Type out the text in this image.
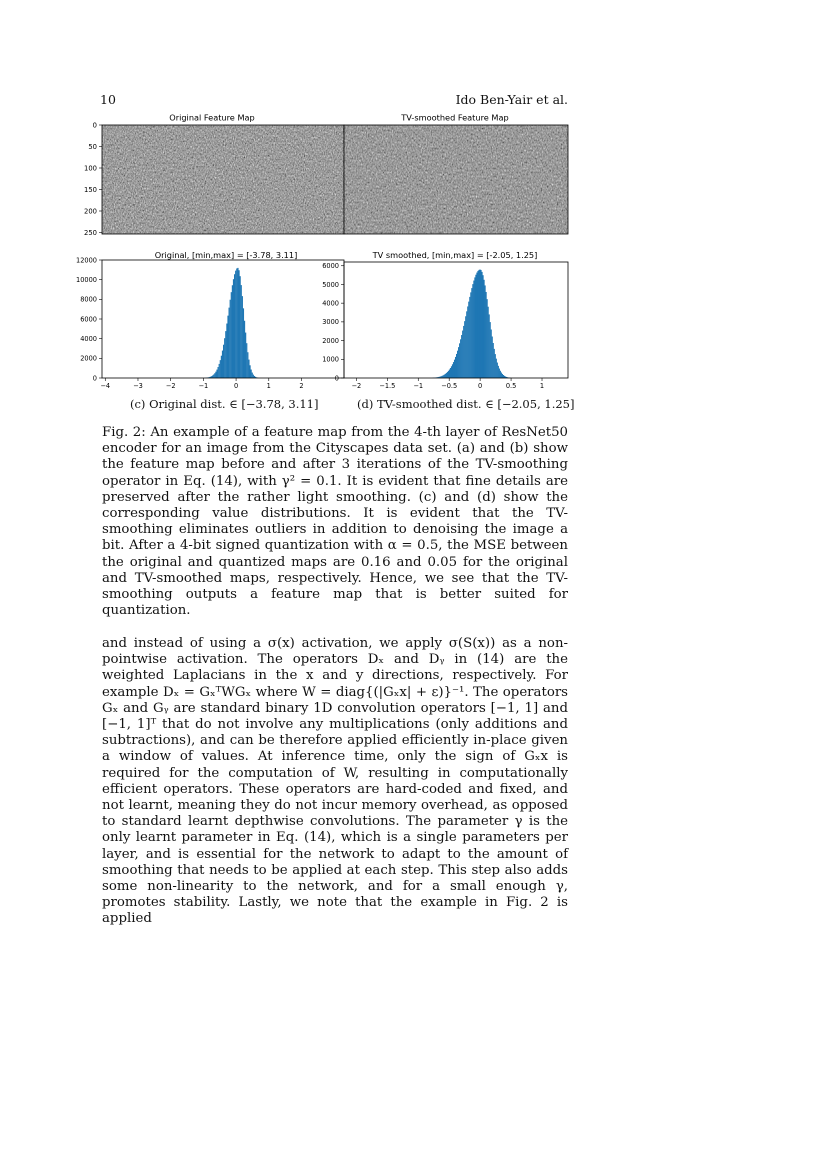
10	Ido Ben-Yair et al.
Original Feature Map
0
50
100
150
200
250
TV-smoothed Feature Map
Original, [min,max] = [-3.78, 3.11]
−4	−3	−2	−1	0	1	2
0
2000
4000
6000
8000
10000
12000
TV smoothed, [min,max] = [-2.05, 1.25]
−2	−1.5	−1	−0.5	0	0.5	1
0
1000
2000
3000
4000
5000
6000
(c) Original dist. ∈ [−3.78, 3.11]	(d) TV-smoothed dist. ∈ [−2.05, 1.25]

Fig. 2: An example of a feature map from the 4-th layer of ResNet50 encoder for an image from the Cityscapes data set. (a) and (b) show the feature map before and after 3 iterations of the TV-smoothing operator in Eq. (14), with γ² = 0.1. It is evident that fine details are preserved after the rather light smoothing. (c) and (d) show the corresponding value distributions. It is evident that the TV-smoothing eliminates outliers in addition to denoising the image a bit. After a 4-bit signed quantization with α = 0.5, the MSE between the original and quantized maps are 0.16 and 0.05 for the original and TV-smoothed maps, respectively. Hence, we see that the TV-smoothing outputs a feature map that is better suited for quantization.

and instead of using a σ(x) activation, we apply σ(S(x)) as a non-pointwise activation. The operators Dₓ and Dᵧ in (14) are the weighted Laplacians in the x and y directions, respectively. For example Dₓ = GₓᵀWGₓ where W = diag{(|Gₓx| + ε)}⁻¹. The operators Gₓ and Gᵧ are standard binary 1D convolution operators [−1, 1] and [−1, 1]ᵀ that do not involve any multiplications (only additions and subtractions), and can be therefore applied efficiently in-place given a window of values. At inference time, only the sign of Gₓx is required for the computation of W, resulting in computationally efficient operators. These operators are hard-coded and fixed, and not learnt, meaning they do not incur memory overhead, as opposed to standard learnt depthwise convolutions. The parameter γ is the only learnt parameter in Eq. (14), which is a single parameters per layer, and is essential for the network to adapt to the amount of smoothing that needs to be applied at each step. This step also adds some non-linearity to the network, and for a small enough γ, promotes stability. Lastly, we note that the example in Fig. 2 is applied
